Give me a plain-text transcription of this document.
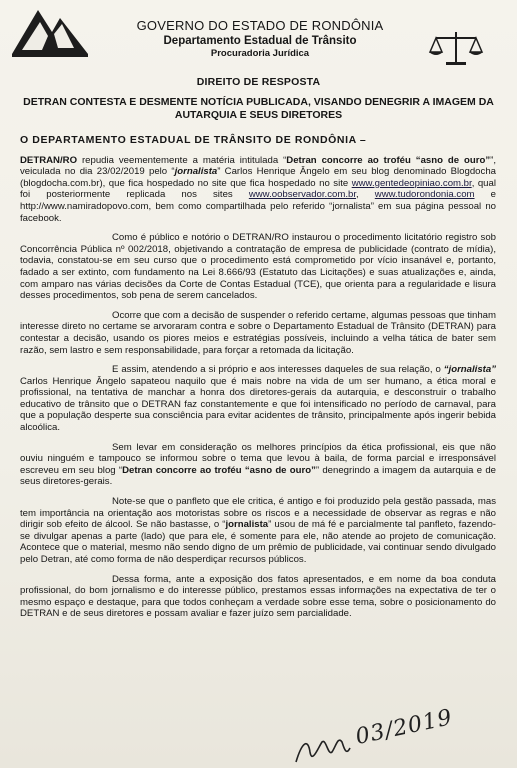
GOVERNO DO ESTADO DE RONDÔNIA
Departamento Estadual de Trânsito
Procuradoria Jurídica
DIREITO DE RESPOSTA
DETRAN CONTESTA E DESMENTE NOTÍCIA PUBLICADA, VISANDO DENEGRIR A IMAGEM DA AUTARQUIA E SEUS DIRETORES

O DEPARTAMENTO ESTADUAL DE TRÂNSITO DE RONDÔNIA –

DETRAN/RO repudia veementemente a matéria intitulada “Detran concorre ao troféu “asno de ouro””, veiculada no dia 23/02/2019 pelo “jornalista” Carlos Henrique Ângelo em seu blog denominado Blogdocha (blogdocha.com.br), que fica hospedado no site que fica hospedado no site www.gentedeopiniao.com.br, qual foi posteriormente replicada nos sites www.oobservador.com.br, www.tudorondonia.com e http://www.namiradopovo.com, bem como compartilhada pelo referido “jornalista” em sua página pessoal no facebook.

Como é público e notório o DETRAN/RO instaurou o procedimento licitatório registro sob Concorrência Pública nº 002/2018, objetivando a contratação de empresa de publicidade (contrato de mídia), todavia, constatou-se em seu curso que o procedimento está comprometido por vício insanável e, portanto, fadado a ser extinto, com fundamento na Lei 8.666/93 (Estatuto das Licitações) e suas atualizações e, ainda, com amparo nas várias decisões da Corte de Contas Estadual (TCE), que orienta para a regularidade e lisura desses procedimentos, sob pena de serem cancelados.

Ocorre que com a decisão de suspender o referido certame, algumas pessoas que tinham interesse direto no certame se arvoraram contra e sobre o Departamento Estadual de Trânsito (DETRAN) para contestar a decisão, usando os piores meios e estratégias possíveis, incluindo a velha tática de bater sem razão, sem lastro e sem responsabilidade, para forçar a retomada da licitação.

E assim, atendendo a si próprio e aos interesses daqueles de sua relação, o “jornalista” Carlos Henrique Ângelo sapateou naquilo que é mais nobre na vida de um ser humano, a ética moral e profissional, na tentativa de manchar a honra dos diretores-gerais da autarquia, e desconstruir o trabalho educativo de trânsito que o DETRAN faz constantemente e que foi intensificado no período de carnaval, para que a população desperte sua consciência para evitar acidentes de trânsito, principalmente após ingerir bebida alcoólica.

Sem levar em consideração os melhores princípios da ética profissional, eis que não ouviu ninguém e tampouco se informou sobre o tema que levou à baila, de forma parcial e irresponsável escreveu em seu blog “Detran concorre ao troféu “asno de ouro”” denegrindo a imagem da autarquia e de seus diretores-gerais.

Note-se que o panfleto que ele critica, é antigo e foi produzido pela gestão passada, mas tem importância na orientação aos motoristas sobre os riscos e a necessidade de observar as regras e não dirigir sob efeito de álcool. Se não bastasse, o “jornalista” usou de má fé e parcialmente tal panfleto, fazendo-se divulgar apenas a parte (lado) que para ele, é somente para ele, não atende ao projeto de comunicação. Acontece que o material, mesmo não sendo digno de um prêmio de publicidade, vai continuar sendo divulgado pelo Detran, até como forma de não desperdiçar recursos públicos.

Dessa forma, ante a exposição dos fatos apresentados, e em nome da boa conduta profissional, do bom jornalismo e do interesse público, prestamos essas informações na expectativa de ter o mesmo espaço e destaque, para que todos conheçam a verdade sobre esse tema, sobre o posicionamento do DETRAN e de seus diretores e possam avaliar e fazer juízo sem parcialidade.

03/2019
